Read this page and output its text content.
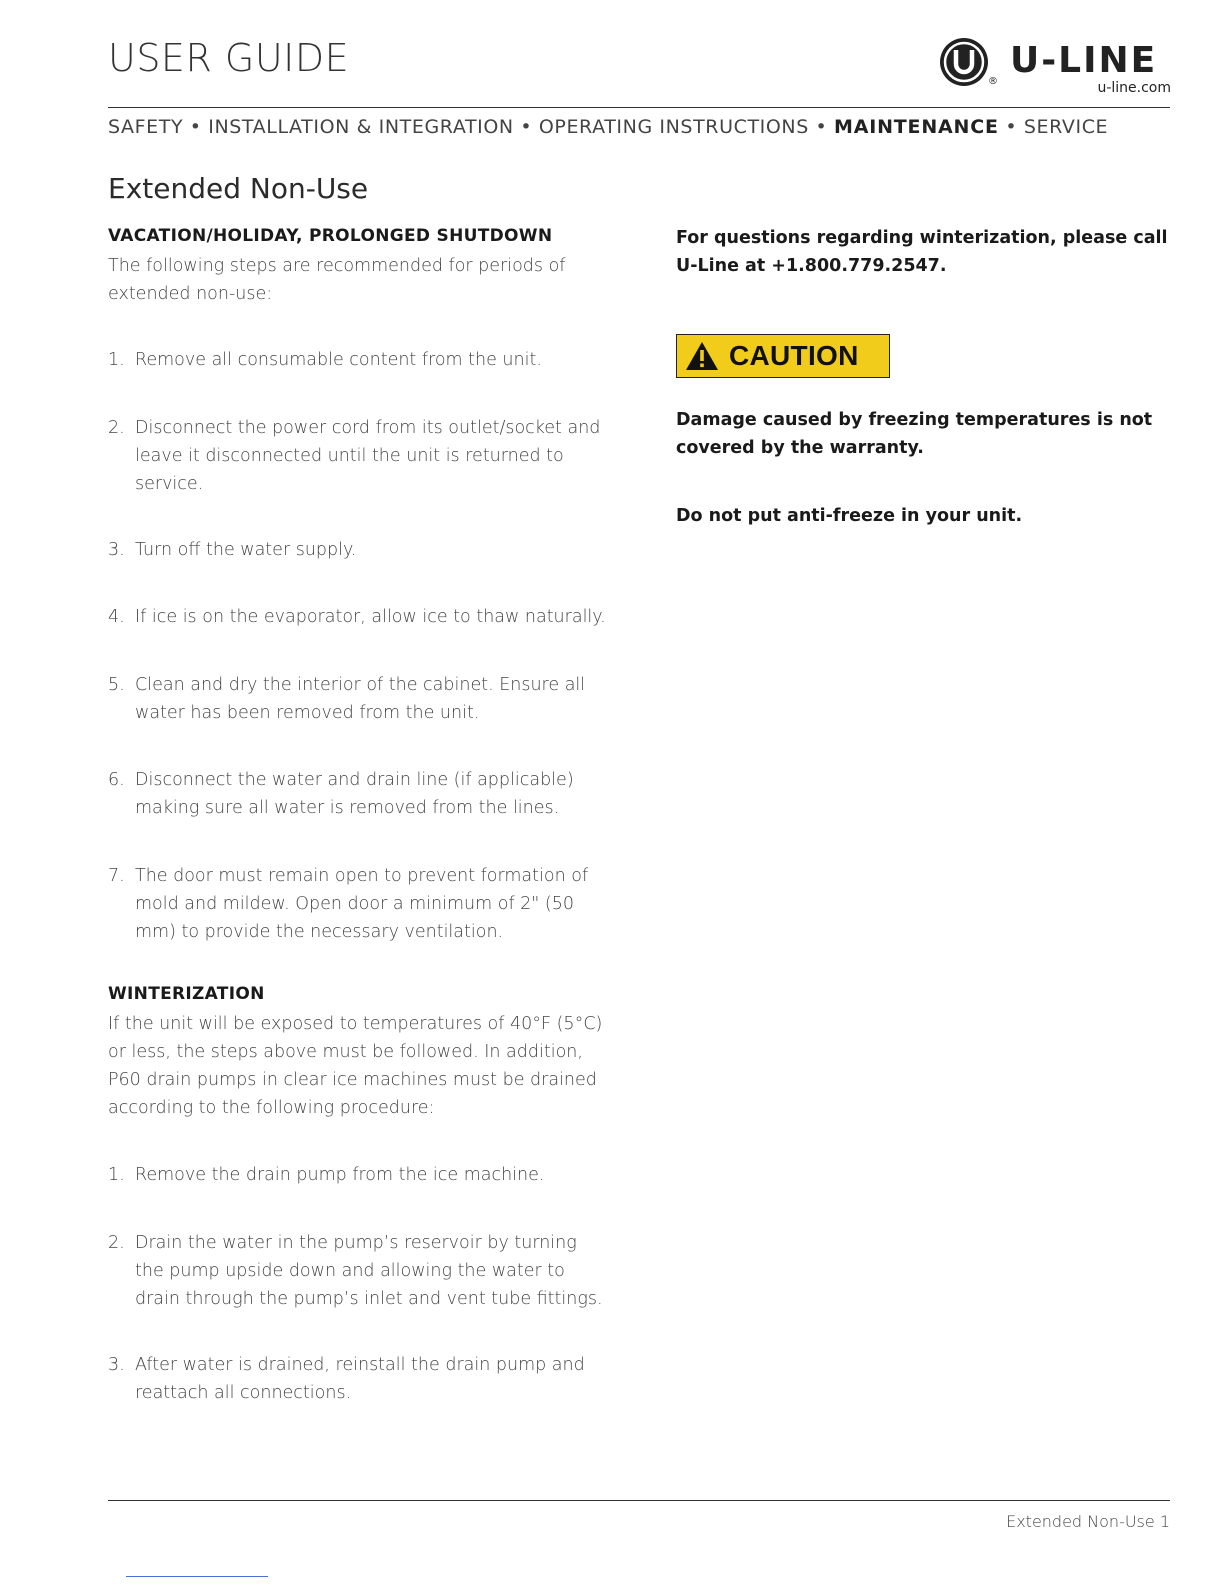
USER GUIDE
®
U-LINE
u-line.com
SAFETY • INSTALLATION & INTEGRATION • OPERATING INSTRUCTIONS • MAINTENANCE • SERVICE
Extended Non-Use
VACATION/HOLIDAY, PROLONGED SHUTDOWN
The following steps are recommended for periods of extended non-use:
1. Remove all consumable content from the unit.
2. Disconnect the power cord from its outlet/socket and leave it disconnected until the unit is returned to service.
3. Turn off the water supply.
4. If ice is on the evaporator, allow ice to thaw naturally.
5. Clean and dry the interior of the cabinet. Ensure all water has been removed from the unit.
6. Disconnect the water and drain line (if applicable) making sure all water is removed from the lines.
7. The door must remain open to prevent formation of mold and mildew. Open door a minimum of 2" (50 mm) to provide the necessary ventilation.
WINTERIZATION
If the unit will be exposed to temperatures of 40°F (5°C) or less, the steps above must be followed. In addition, P60 drain pumps in clear ice machines must be drained according to the following procedure:
1. Remove the drain pump from the ice machine.
2. Drain the water in the pump’s reservoir by turning the pump upside down and allowing the water to drain through the pump’s inlet and vent tube fittings.
3. After water is drained, reinstall the drain pump and reattach all connections.
For questions regarding winterization, please call U-Line at +1.800.779.2547.
CAUTION
Damage caused by freezing temperatures is not covered by the warranty.
Do not put anti-freeze in your unit.
Extended Non-Use 1
